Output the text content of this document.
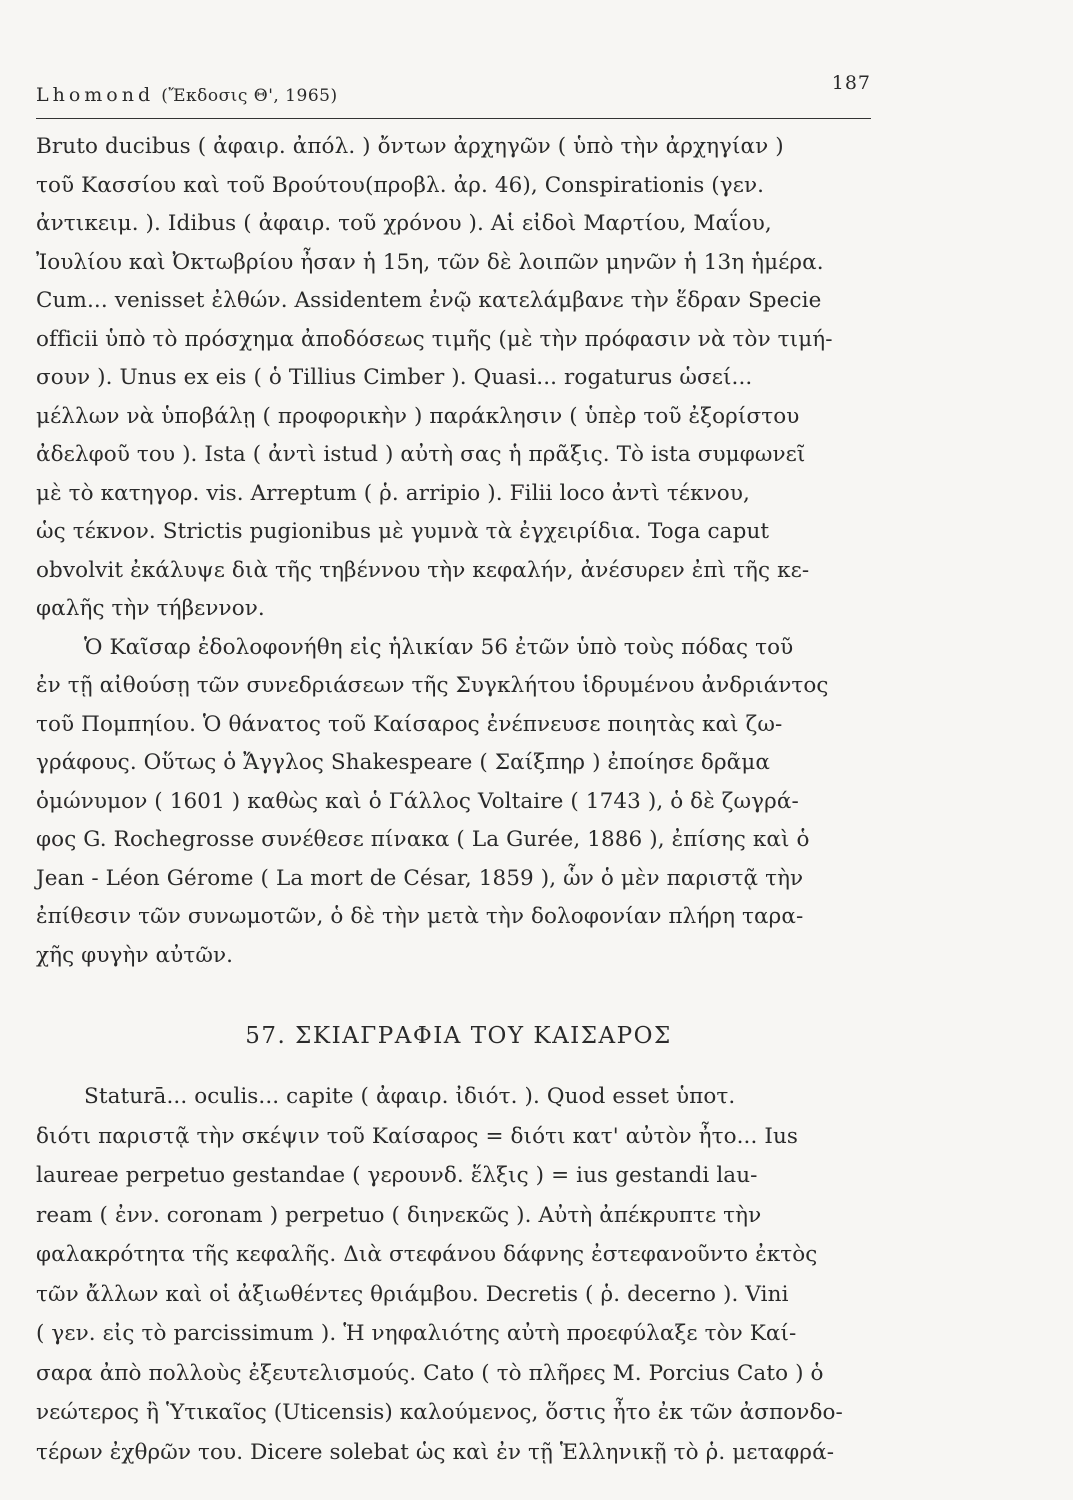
Lhomond (Ἔκδοσις Θ', 1965)
187
Bruto ducibus ( ἀφαιρ. ἀπόλ. ) ὄντων ἀρχηγῶν ( ὑπὸ τὴν ἀρχηγίαν )
τοῦ Κασσίου καὶ τοῦ Βρούτου(προβλ. ἀρ. 46), Conspirationis (γεν.
ἀντικειμ. ). Idibus ( ἀφαιρ. τοῦ χρόνου ). Αἱ εἰδοὶ Μαρτίου, Μαΐου,
Ἰουλίου καὶ Ὀκτωβρίου ἦσαν ἡ 15η, τῶν δὲ λοιπῶν μηνῶν ἡ 13η ἡμέρα.
Cum... venisset ἐλθών. Assidentem ἐνῷ κατελάμβανε τὴν ἕδραν Specie
officii ὑπὸ τὸ πρόσχημα ἀποδόσεως τιμῆς (μὲ τὴν πρόφασιν νὰ τὸν τιμή-
σουν ). Unus ex eis ( ὁ Tillius Cimber ). Quasi... rogaturus ὡσεί...
μέλλων νὰ ὑποβάλῃ ( προφορικὴν ) παράκλησιν ( ὑπὲρ τοῦ ἐξορίστου
ἀδελφοῦ του ). Ista ( ἀντὶ istud ) αὐτὴ σας ἡ πρᾶξις. Τὸ ista συμφωνεῖ
μὲ τὸ κατηγορ. vis. Arreptum ( ῥ. arripio ). Filii loco ἀντὶ τέκνου,
ὡς τέκνον. Strictis pugionibus μὲ γυμνὰ τὰ ἐγχειρίδια. Toga caput
obvolvit ἐκάλυψε διὰ τῆς τηβέννου τὴν κεφαλήν, ἀνέσυρεν ἐπὶ τῆς κε-
φαλῆς τὴν τήβεννον.
Ὁ Καῖσαρ ἐδολοφονήθη εἰς ἡλικίαν 56 ἐτῶν ὑπὸ τοὺς πόδας τοῦ
ἐν τῇ αἰθούσῃ τῶν συνεδριάσεων τῆς Συγκλήτου ἱδρυμένου ἀνδριάντος
τοῦ Πομπηίου. Ὁ θάνατος τοῦ Καίσαρος ἐνέπνευσε ποιητὰς καὶ ζω-
γράφους. Οὕτως ὁ Ἄγγλος Shakespeare ( Σαίξπηρ ) ἐποίησε δρᾶμα
ὁμώνυμον ( 1601 ) καθὼς καὶ ὁ Γάλλος Voltaire ( 1743 ), ὁ δὲ ζωγρά-
φος G. Rochegrosse συνέθεσε πίνακα ( La Gurée, 1886 ), ἐπίσης καὶ ὁ
Jean - Léon Gérome ( La mort de César, 1859 ), ὧν ὁ μὲν παριστᾷ τὴν
ἐπίθεσιν τῶν συνωμοτῶν, ὁ δὲ τὴν μετὰ τὴν δολοφονίαν πλήρη ταρα-
χῆς φυγὴν αὐτῶν.
57. ΣΚΙΑΓΡΑΦΙΑ ΤΟΥ ΚΑΙΣΑΡΟΣ
Staturā... oculis... capite ( ἀφαιρ. ἰδιότ. ). Quod esset ὑποτ.
διότι παριστᾷ τὴν σκέψιν τοῦ Καίσαρος = διότι κατ' αὐτὸν ἦτο... Ius
laureae perpetuo gestandae ( γερουνδ. ἕλξις ) = ius gestandi lau-
ream ( ἐνν. coronam ) perpetuo ( διηνεκῶς ). Αὐτὴ ἀπέκρυπτε τὴν
φαλακρότητα τῆς κεφαλῆς. Διὰ στεφάνου δάφνης ἐστεφανοῦντο ἐκτὸς
τῶν ἄλλων καὶ οἱ ἀξιωθέντες θριάμβου. Decretis ( ῥ. decerno ). Vini
( γεν. εἰς τὸ parcissimum ). Ἡ νηφαλιότης αὐτὴ προεφύλαξε τὸν Καί-
σαρα ἀπὸ πολλοὺς ἐξευτελισμούς. Cato ( τὸ πλῆρες M. Porcius Cato ) ὁ
νεώτερος ἢ Ὑτικαῖος (Uticensis) καλούμενος, ὅστις ἦτο ἐκ τῶν ἀσπονδο-
τέρων ἐχθρῶν του. Dicere solebat ὡς καὶ ἐν τῇ Ἑλληνικῇ τὸ ῥ. μεταφρά-
